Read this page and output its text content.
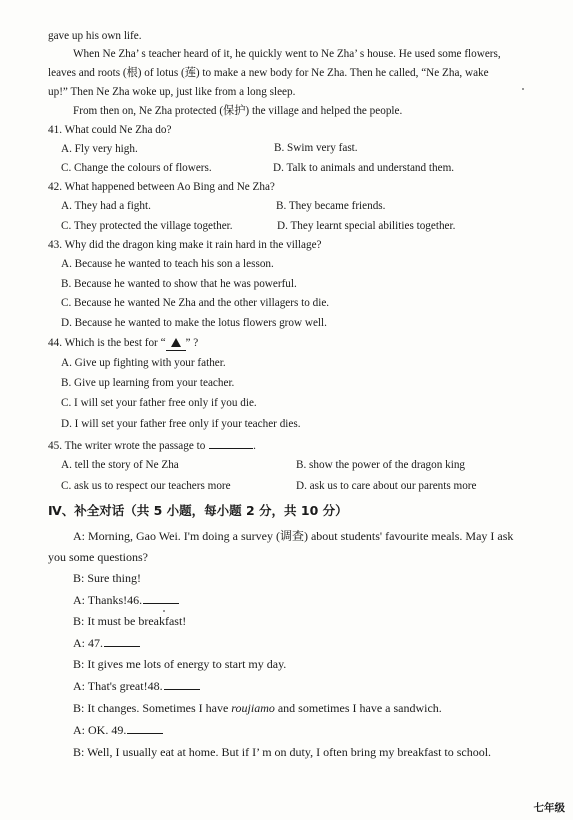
gave up his own life.
When Ne Zha’ s teacher heard of it, he quickly went to Ne Zha’ s house. He used some flowers,
leaves and roots (根) of lotus (莲) to make a new body for Ne Zha. Then he called, “Ne Zha, wake
up!” Then Ne Zha woke up, just like from a long sleep.
From then on, Ne Zha protected (保护) the village and helped the people.
41. What could Ne Zha do?
A. Fly very high.	B. Swim very fast.
C. Change the colours of flowers.	D. Talk to animals and understand them.
42. What happened between Ao Bing and Ne Zha?
A. They had a fight.	B. They became friends.
C. They protected the village together.	D. They learnt special abilities together.
43. Why did the dragon king make it rain hard in the village?
A. Because he wanted to teach his son a lesson.
B. Because he wanted to show that he was powerful.
C. Because he wanted Ne Zha and the other villagers to die.
D. Because he wanted to make the lotus flowers grow well.
44. Which is the best for “ ” ?
A. Give up fighting with your father.
B. Give up learning from your teacher.
C. I will set your father free only if you die.
D. I will set your father free only if your teacher dies.
45. The writer wrote the passage to	.
A. tell the story of Ne Zha	B. show the power of the dragon king
C. ask us to respect our teachers more	D. ask us to care about our parents more
Ⅳ、补全对话（共 5 小题，每小题 2 分，共 10 分）
A: Morning, Gao Wei. I'm doing a survey (调查) about students' favourite meals. May I ask
you some questions?
B: Sure thing!
A: Thanks!46.
B: It must be breakfast!
A: 47.
B: It gives me lots of energy to start my day.
A: That's great!48.
B: It changes. Sometimes I have roujiamo and sometimes I have a sandwich.
A: OK. 49.
B: Well, I usually eat at home. But if I’ m on duty, I often bring my breakfast to school.
七年级
